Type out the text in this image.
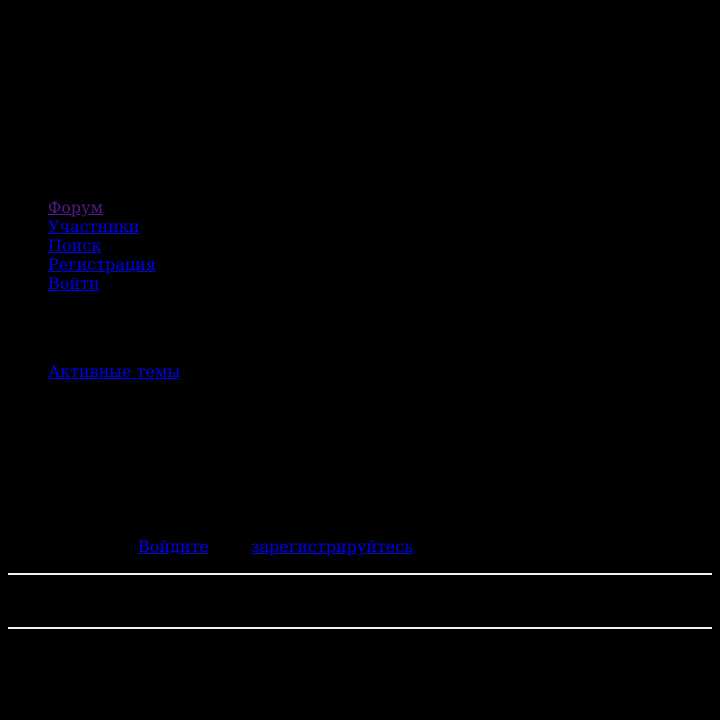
Форум
Участники
Поиск
Регистрация
Войти
Активные темы
Войдите	зарегистрируйтесь
